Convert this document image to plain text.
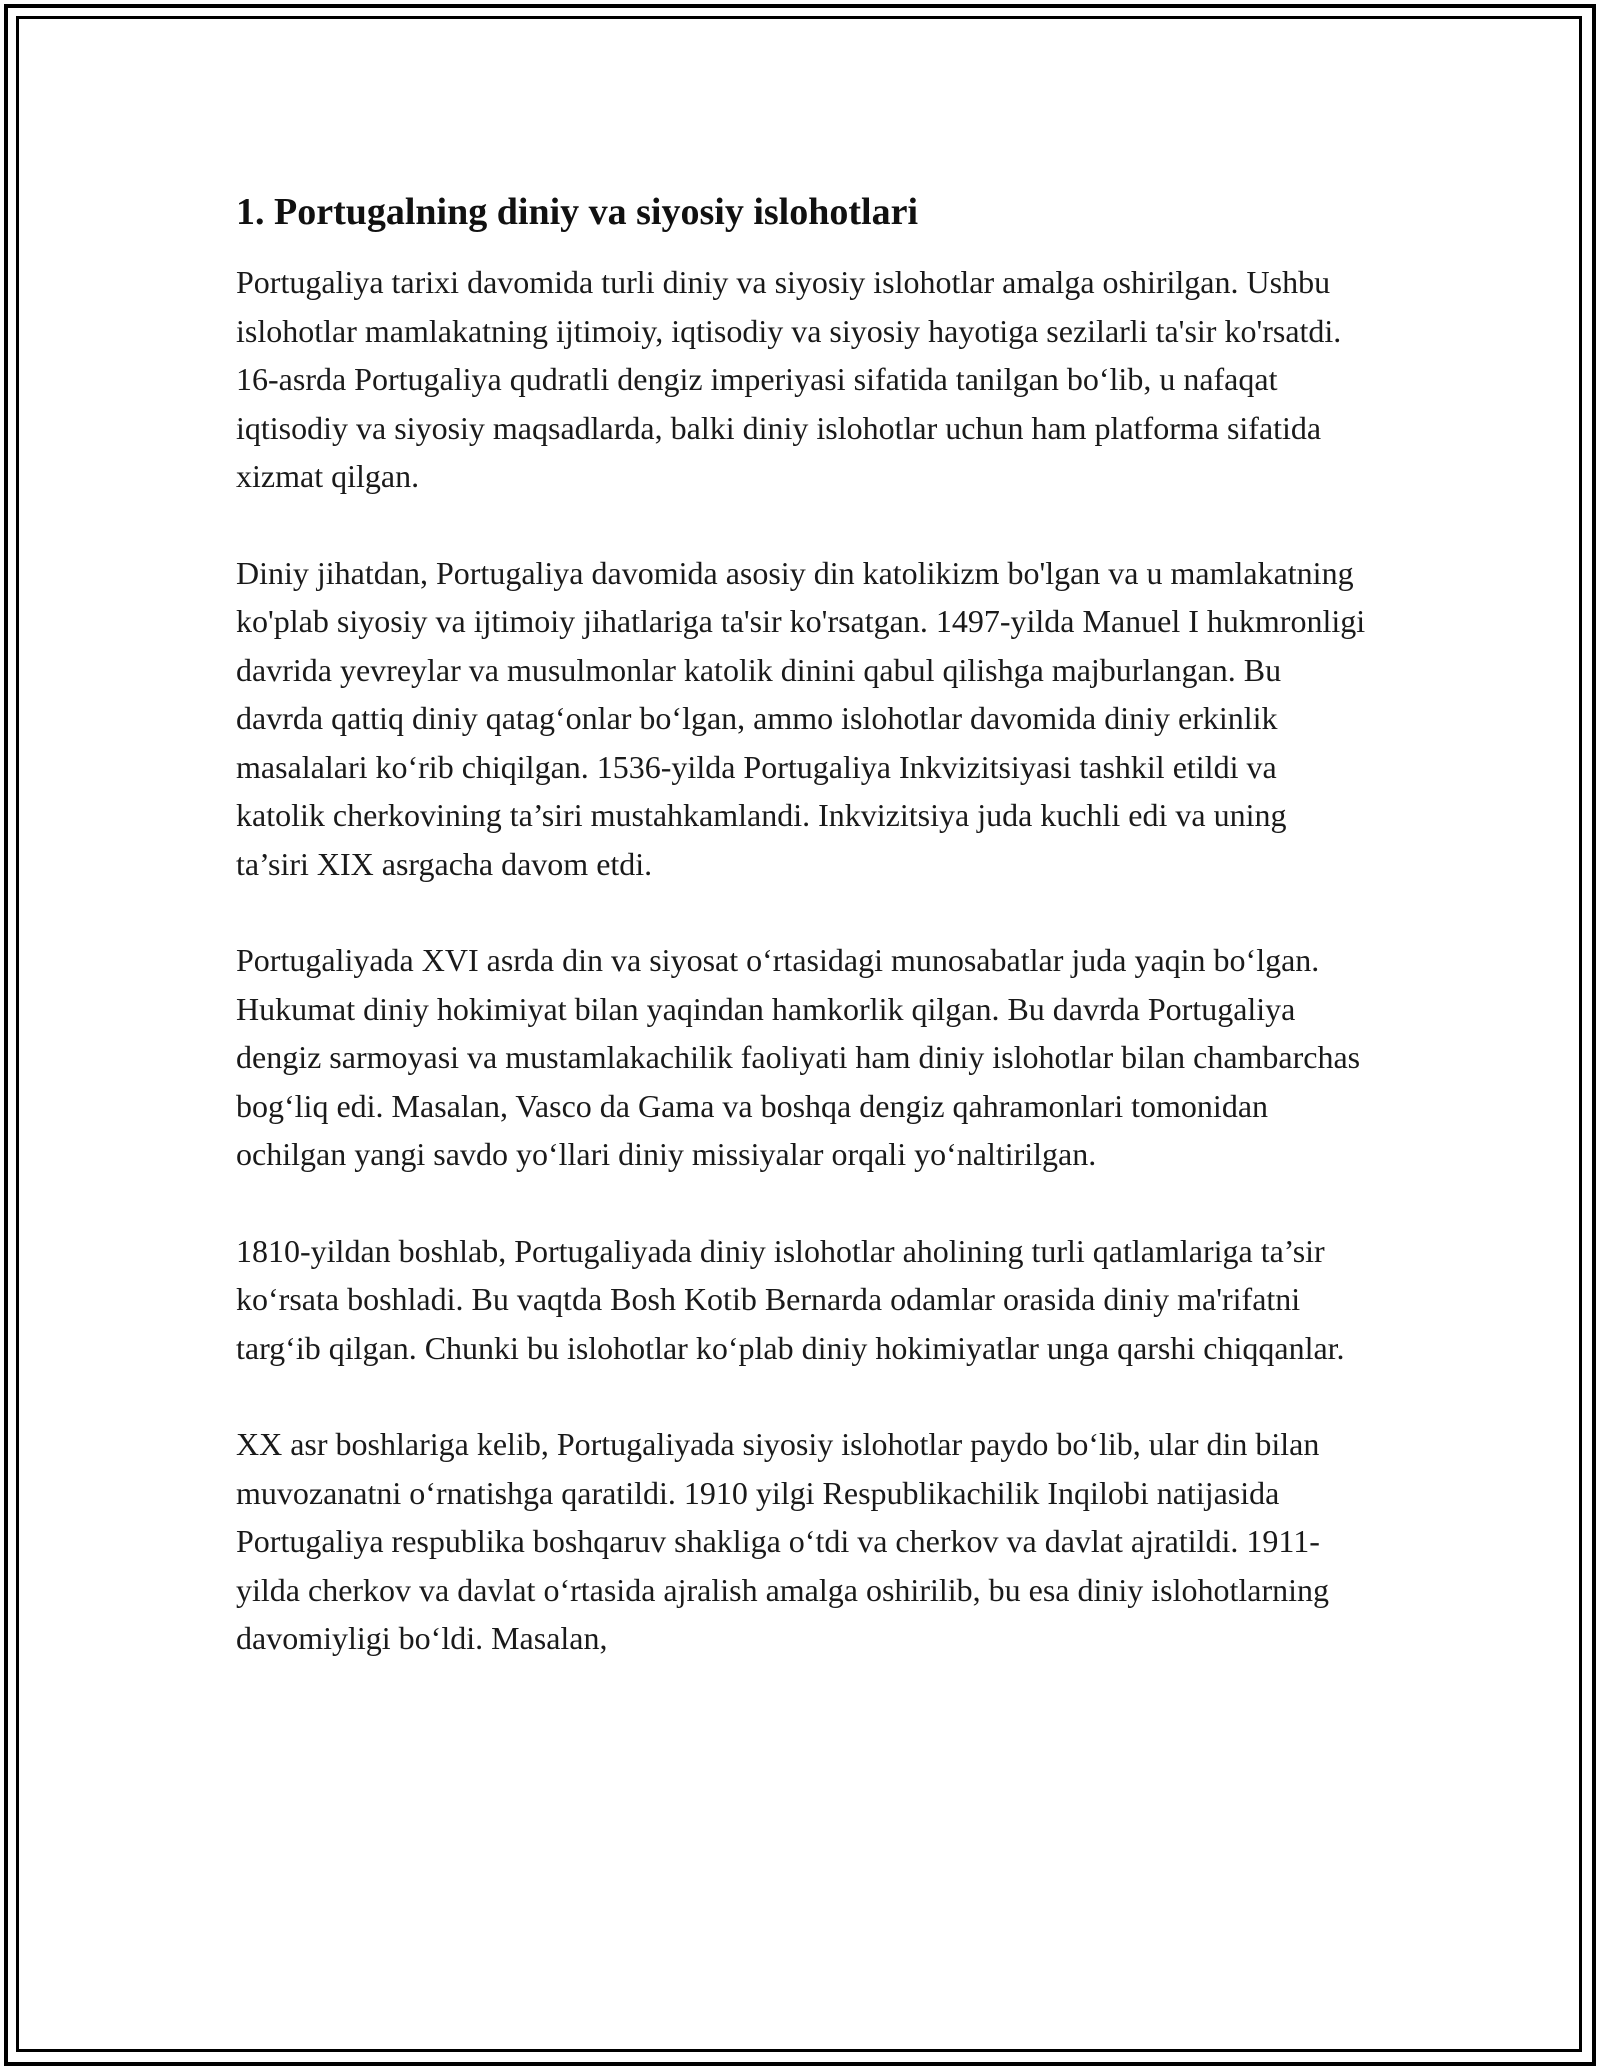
1. Portugalning diniy va siyosiy islohotlari

Portugaliya tarixi davomida turli diniy va siyosiy islohotlar amalga oshirilgan. Ushbu islohotlar mamlakatning ijtimoiy, iqtisodiy va siyosiy hayotiga sezilarli ta'sir ko'rsatdi. 16-asrda Portugaliya qudratli dengiz imperiyasi sifatida tanilgan bo‘lib, u nafaqat iqtisodiy va siyosiy maqsadlarda, balki diniy islohotlar uchun ham platforma sifatida xizmat qilgan.

Diniy jihatdan, Portugaliya davomida asosiy din katolikizm bo'lgan va u mamlakatning ko'plab siyosiy va ijtimoiy jihatlariga ta'sir ko'rsatgan. 1497-yilda Manuel I hukmronligi davrida yevreylar va musulmonlar katolik dinini qabul qilishga majburlangan. Bu davrda qattiq diniy qatag‘onlar bo‘lgan, ammo islohotlar davomida diniy erkinlik masalalari ko‘rib chiqilgan. 1536-yilda Portugaliya Inkvizitsiyasi tashkil etildi va katolik cherkovining ta’siri mustahkamlandi. Inkvizitsiya juda kuchli edi va uning ta’siri XIX asrgacha davom etdi.

Portugaliyada XVI asrda din va siyosat o‘rtasidagi munosabatlar juda yaqin bo‘lgan. Hukumat diniy hokimiyat bilan yaqindan hamkorlik qilgan. Bu davrda Portugaliya dengiz sarmoyasi va mustamlakachilik faoliyati ham diniy islohotlar bilan chambarchas bog‘liq edi. Masalan, Vasco da Gama va boshqa dengiz qahramonlari tomonidan ochilgan yangi savdo yo‘llari diniy missiyalar orqali yo‘naltirilgan.

1810-yildan boshlab, Portugaliyada diniy islohotlar aholining turli qatlamlariga ta’sir ko‘rsata boshladi. Bu vaqtda Bosh Kotib Bernarda odamlar orasida diniy ma'rifatni targ‘ib qilgan. Chunki bu islohotlar ko‘plab diniy hokimiyatlar unga qarshi chiqqanlar.

XX asr boshlariga kelib, Portugaliyada siyosiy islohotlar paydo bo‘lib, ular din bilan muvozanatni o‘rnatishga qaratildi. 1910 yilgi Respublikachilik Inqilobi natijasida Portugaliya respublika boshqaruv shakliga o‘tdi va cherkov va davlat ajratildi. 1911-yilda cherkov va davlat o‘rtasida ajralish amalga oshirilib, bu esa diniy islohotlarning davomiyligi bo‘ldi. Masalan,
